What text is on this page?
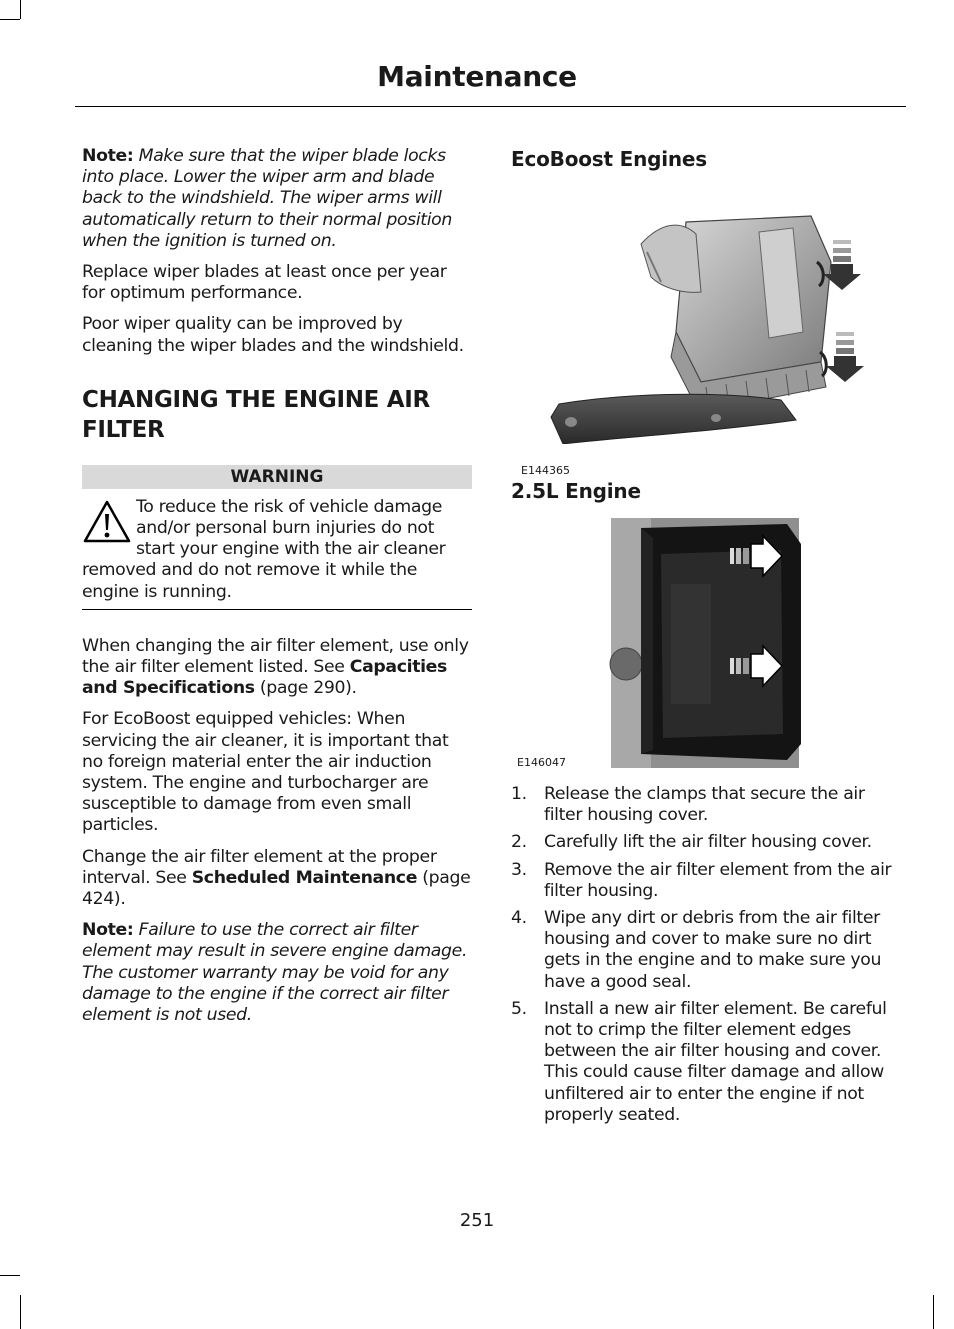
Maintenance

Note: Make sure that the wiper blade locks into place. Lower the wiper arm and blade back to the windshield. The wiper arms will automatically return to their normal position when the ignition is turned on.

Replace wiper blades at least once per year for optimum performance.

Poor wiper quality can be improved by cleaning the wiper blades and the windshield.

CHANGING THE ENGINE AIR FILTER
WARNING
To reduce the risk of vehicle damage and/or personal burn injuries do not start your engine with the air cleaner removed and do not remove it while the engine is running.

When changing the air filter element, use only the air filter element listed. See Capacities and Specifications (page 290).

For EcoBoost equipped vehicles: When servicing the air cleaner, it is important that no foreign material enter the air induction system. The engine and turbocharger are susceptible to damage from even small particles.

Change the air filter element at the proper interval. See Scheduled Maintenance (page 424).

Note: Failure to use the correct air filter element may result in severe engine damage. The customer warranty may be void for any damage to the engine if the correct air filter element is not used.

EcoBoost Engines
E144365
2.5L Engine
E146047
1. Release the clamps that secure the air filter housing cover.
2. Carefully lift the air filter housing cover.
3. Remove the air filter element from the air filter housing.
4. Wipe any dirt or debris from the air filter housing and cover to make sure no dirt gets in the engine and to make sure you have a good seal.
5. Install a new air filter element. Be careful not to crimp the filter element edges between the air filter housing and cover. This could cause filter damage and allow unfiltered air to enter the engine if not properly seated.
251
